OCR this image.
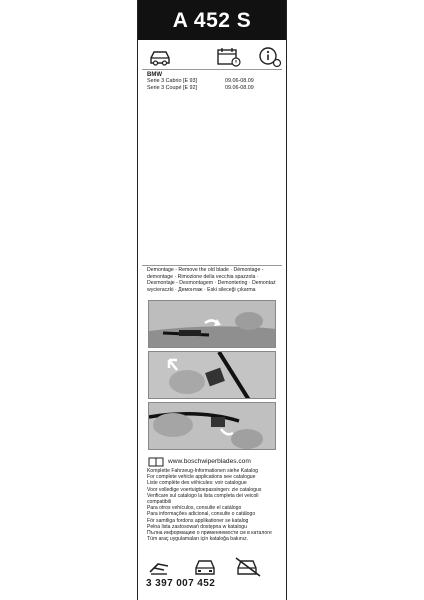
A 452 S
BMW
Serie 3 Cabrio [E 93]	09.06-08.09
Serie 3 Coupé [E 92]	09.06-08.09
Demontage - Remove the old blade · Démontage -
demontage · Rimozione della vecchia spazzola ·
Desmontaje - Desmontagem · Demontering · Demontaż
wycieraczki · Демонтаж · Eski sileceği çıkarma
www.boschwiperblades.com
Komplette Fahrzeug-Informationen siehe Katalog
For complete vehicle applications see catalogue
Liste complète des véhicules: voir catalogue
Voor volledige voertuigtoepassingen: zie catalogus
Verificare sul catalogo la lista completa dei veicoli
compatibili
Para otros vehículos, consulte el catálogo
Para informações adicional, consulte o catálogo
För samtliga fordons applikationer se katalog
Pełna lista zastosowań dostępna w katalogu
Пълна информацию о применяемости см в каталоге
Tüm araç uygulamaları için kataloğa bakınız.
3 397 007 452
